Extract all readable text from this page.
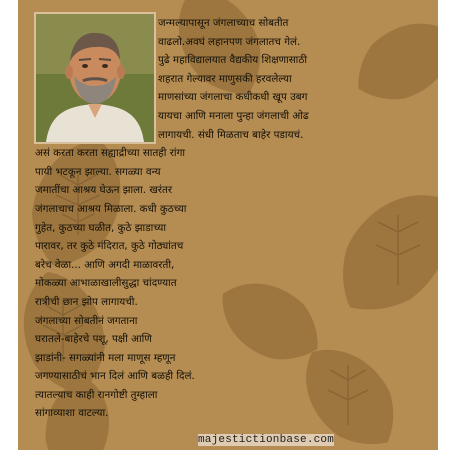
जन्मल्यापासून जंगलाच्याच सोबतीत
वाढलो.अवघं लहानपण जंगलातच गेलं.
पुढे महाविद्यालयात वैद्यकीय शिक्षणासाठी
शहरात गेल्यावर माणुसकी हरवलेल्या
माणसांच्या जंगलाचा कधीकधी खूप उबग
यायचा आणि मनाला पुन्हा जंगलाची ओढ
लागायची. संधी मिळताच बाहेर पडायचं.
असं करता करता सह्याद्रीच्या सातही रांगा
पायी भटकून झाल्या. सगळ्या वन्य
जमातींचा आश्रय घेऊन झाला. खरंतर
जंगलाचाच आश्रय मिळाला. कधी कुठच्या
गुहेत, कुठच्या घळीत, कुठे झाडाच्या
पारावर, तर कुठे मंदिरात, कुठे गोठ्यांतच
बरेच वेळा... आणि अगदी माळावरती,
मोकळ्या आभाळाखालीसुद्धा चांदण्यात
रात्रीची छान झोप लागायची.
जंगलाच्या सोबतीनं जगताना
घरातले-बाहेरचे पशू, पक्षी आणि
झाडांनी- सगळ्यांनी मला माणूस म्हणून
जगण्यासाठीचं भान दिलं आणि बळही दिलं.
त्यातल्याच काही रानगोष्टी तुम्हाला
सांगाव्याशा वाटल्या.
majestictionbase.com
